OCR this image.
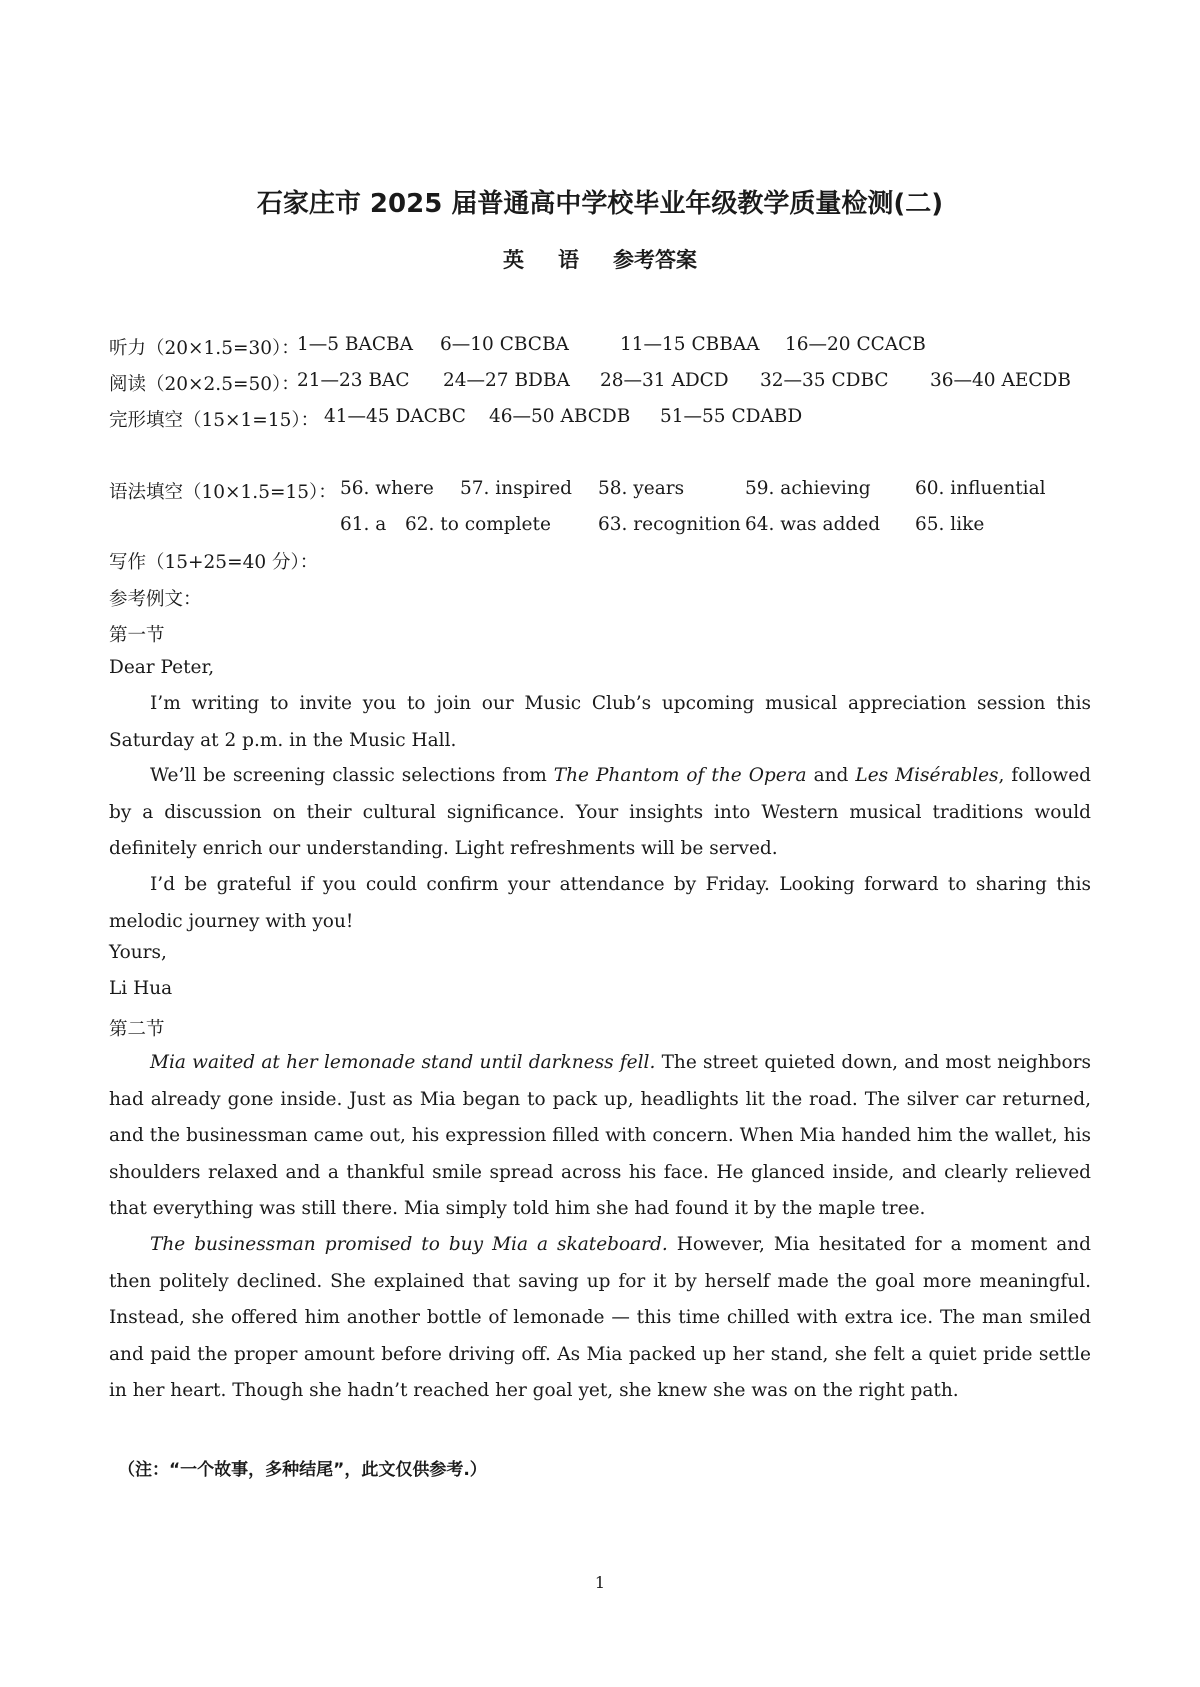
石家庄市 2025 届普通高中学校毕业年级教学质量检测(二)
英 语 参考答案
听力（20×1.5=30）：
1—5 BACBA 6—10 CBCBA	11—15 CBBAA 16—20 CCACB
阅读（20×2.5=50）：
21—23 BAC 24—27 BDBA 28—31 ADCD 32—35 CDBC 36—40 AECDB
完形填空（15×1=15）： 41—45 DACBC 46—50 ABCDB 51—55 CDABD
语法填空（10×1.5=15）： 56. where 57. inspired 58. years	59. achieving 60. influential
61. a 62. to complete	63. recognition 64. was added 65. like
写作（15+25=40 分）：
参考例文：
第一节
Dear Peter,
I’m writing to invite you to join our Music Club’s upcoming musical appreciation session this Saturday at 2 p.m. in the Music Hall.
We’ll be screening classic selections from The Phantom of the Opera and Les Misérables, followed by a discussion on their cultural significance. Your insights into Western musical traditions would definitely enrich our understanding. Light refreshments will be served.
I’d be grateful if you could confirm your attendance by Friday. Looking forward to sharing this melodic journey with you!
Yours,
Li Hua
第二节
Mia waited at her lemonade stand until darkness fell. The street quieted down, and most neighbors had already gone inside. Just as Mia began to pack up, headlights lit the road. The silver car returned, and the businessman came out, his expression filled with concern. When Mia handed him the wallet, his shoulders relaxed and a thankful smile spread across his face. He glanced inside, and clearly relieved that everything was still there. Mia simply told him she had found it by the maple tree.
The businessman promised to buy Mia a skateboard. However, Mia hesitated for a moment and then politely declined. She explained that saving up for it by herself made the goal more meaningful. Instead, she offered him another bottle of lemonade — this time chilled with extra ice. The man smiled and paid the proper amount before driving off. As Mia packed up her stand, she felt a quiet pride settle in her heart. Though she hadn’t reached her goal yet, she knew she was on the right path.
（注：“一个故事，多种结尾”，此文仅供参考.）
1
